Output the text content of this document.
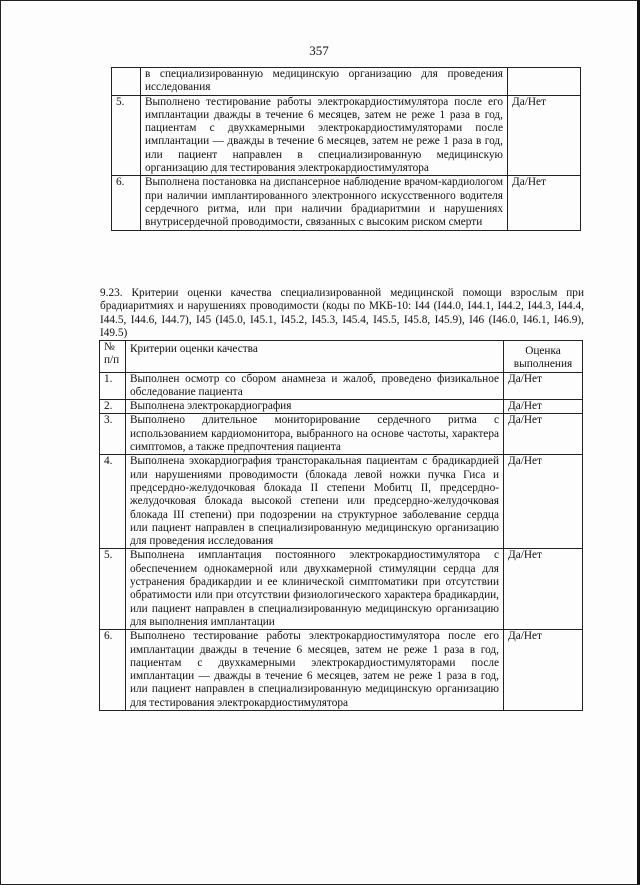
357
	в специализированную медицинскую организацию для проведения исследования	
5.	Выполнено тестирование работы электрокардиостимулятора после его имплантации дважды в течение 6 месяцев, затем не реже 1 раза в год, пациентам с двухкамерными электрокардиостимуляторами после имплантации — дважды в течение 6 месяцев, затем не реже 1 раза в год, или пациент направлен в специализированную медицинскую организацию для тестирования электрокардиостимулятора	Да/Нет
6.	Выполнена постановка на диспансерное наблюдение врачом-кардиологом при наличии имплантированного электронного искусственного водителя сердечного ритма, или при наличии брадиаритмии и нарушениях внутрисердечной проводимости, связанных с высоким риском смерти	Да/Нет
9.23. Критерии оценки качества специализированной медицинской помощи взрослым при брадиаритмиях и нарушениях проводимости (коды по МКБ-10: I44 (I44.0, I44.1, I44.2, I44.3, I44.4, I44.5, I44.6, I44.7), I45 (I45.0, I45.1, I45.2, I45.3, I45.4, I45.5, I45.8, I45.9), I46 (I46.0, I46.1, I46.9), I49.5)
№ п/п	Критерии оценки качества	Оценка выполнения
1.	Выполнен осмотр со сбором анамнеза и жалоб, проведено физикальное обследование пациента	Да/Нет
2.	Выполнена электрокардиография	Да/Нет
3.	Выполнено длительное мониторирование сердечного ритма с использованием кардиомонитора, выбранного на основе частоты, характера симптомов, а также предпочтения пациента	Да/Нет
4.	Выполнена эхокардиография трансторакальная пациентам с брадикардией или нарушениями проводимости (блокада левой ножки пучка Гиса и предсердно-желудочковая блокада II степени Мобитц II, предсердно-желудочковая блокада высокой степени или предсердно-желудочковая блокада III степени) при подозрении на структурное заболевание сердца или пациент направлен в специализированную медицинскую организацию для проведения исследования	Да/Нет
5.	Выполнена имплантация постоянного электрокардиостимулятора с обеспечением однокамерной или двухкамерной стимуляции сердца для устранения брадикардии и ее клинической симптоматики при отсутствии обратимости или при отсутствии физиологического характера брадикардии, или пациент направлен в специализированную медицинскую организацию для выполнения имплантации	Да/Нет
6.	Выполнено тестирование работы электрокардиостимулятора после его имплантации дважды в течение 6 месяцев, затем не реже 1 раза в год, пациентам с двухкамерными электрокардиостимуляторами после имплантации — дважды в течение 6 месяцев, затем не реже 1 раза в год, или пациент направлен в специализированную медицинскую организацию для тестирования электрокардиостимулятора	Да/Нет
